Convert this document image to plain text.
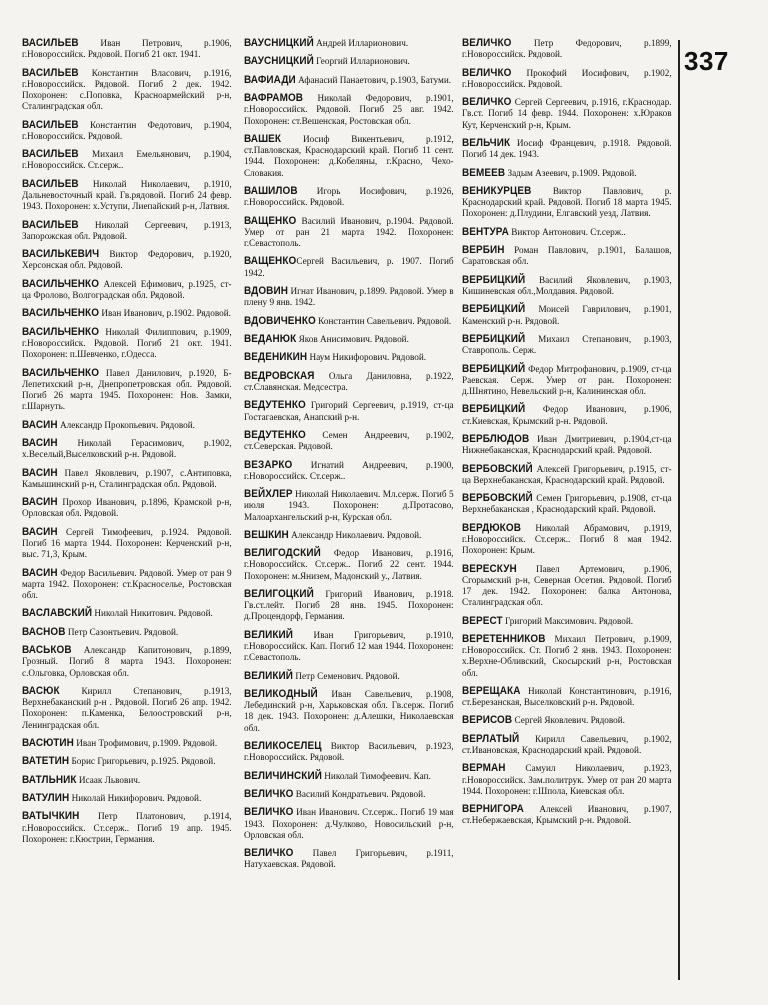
337

ВАСИЛЬЕВ Иван Петрович, р.1906, г.Новороссийск. Рядовой. Погиб 21 окт. 1941.

ВАСИЛЬЕВ Константин Власович, р.1916, г.Новороссийск. Рядовой. Погиб 2 дек. 1942. Похоронен: с.Поповка, Красноармейский р-н, Сталинградская обл.

ВАСИЛЬЕВ Константин Федотович, р.1904, г.Новороссийск. Рядовой.

ВАСИЛЬЕВ Михаил Емельянович, р.1904, г.Новороссийск. Ст.серж..

ВАСИЛЬЕВ Николай Николаевич, р.1910, Дальневосточный край. Гв.рядовой. Погиб 24 февр. 1943. Похоронен: х.Уступи, Лиепайский р-н, Латвия.

ВАСИЛЬЕВ Николай Сергеевич, р.1913, Запорожская обл. Рядовой.

ВАСИЛЬКЕВИЧ Виктор Федорович, р.1920, Херсонская обл. Рядовой.

ВАСИЛЬЧЕНКО Алексей Ефимович, р.1925, ст-ца Фролово, Волгоградская обл. Рядовой.

ВАСИЛЬЧЕНКО Иван Иванович, р.1902. Рядовой.

ВАСИЛЬЧЕНКО Николай Филиппович, р.1909, г.Новороссийск. Рядовой. Погиб 21 окт. 1941. Похоронен: п.Шевченко, г.Одесса.

ВАСИЛЬЧЕНКО Павел Данилович, р.1920, Б-Лепетихский р-н, Днепропетровская обл. Рядовой. Погиб 26 марта 1945. Похоронен: Нов. Замки, г.Шарнуть.

ВАСИН Александр Прокопьевич. Рядовой.

ВАСИН Николай Герасимович, р.1902, х.Веселый,Выселковский р-н. Рядовой.

ВАСИН Павел Яковлевич, р.1907, с.Антиповка, Камышинский р-н, Сталинградская обл. Рядовой.

ВАСИН Прохор Иванович, р.1896, Крамской р-н, Орловская обл. Рядовой.

ВАСИН Сергей Тимофеевич, р.1924. Рядовой. Погиб 16 марта 1944. Похоронен: Керченский р-н, выс. 71,3, Крым.

ВАСИН Федор Васильевич. Рядовой. Умер от ран 9 марта 1942. Похоронен: ст.Красноселье, Ростовская обл.

ВАСЛАВСКИЙ Николай Никитович. Рядовой.

ВАСНОВ Петр Сазонтьевич. Рядовой.

ВАСЬКОВ Александр Капитонович, р.1899, Грозный. Погиб 8 марта 1943. Похоронен: с.Ольговка, Орловская обл.

ВАСЮК Кирилл Степанович, р.1913, Верхнебаканский р-н . Рядовой. Погиб 26 апр. 1942. Похоронен: п.Каменка, Белоостровский р-н, Ленинградская обл.

ВАСЮТИН Иван Трофимович, р.1909. Рядовой.

ВАТЕТИН Борис Григорьевич, р.1925. Рядовой.

ВАТЛЬНИК Исаак Львович.

ВАТУЛИН Николай Никифорович. Рядовой.

ВАТЫЧКИН Петр Платонович, р.1914, г.Новороссийск. Ст.серж.. Погиб 19 апр. 1945. Похоронен: г.Кюстрин, Германия.

ВАУСНИЦКИЙ Андрей Илларионович.

ВАУСНИЦКИЙ Георгий Илларионович.

ВАФИАДИ Афанасий Панаетович, р.1903, Батуми.

ВАФРАМОВ Николай Федорович, р.1901, г.Новороссийск. Рядовой. Погиб 25 авг. 1942. Похоронен: ст.Вешенская, Ростовская обл.

ВАШЕК Иосиф Викентьевич, р.1912, ст.Павловская, Краснодарский край. Погиб 11 сент. 1944. Похоронен: д.Кобеляны, г.Красно, Чехо-Словакия.

ВАШИЛОВ Игорь Иосифович, р.1926, г.Новороссийск. Рядовой.

ВАЩЕНКО Василий Иванович, р.1904. Рядовой. Умер от ран 21 марта 1942. Похоронен: г.Севастополь.

ВАЩЕНКОСергей Васильевич, р. 1907. Погиб 1942.

ВДОВИН Игнат Иванович, р.1899. Рядовой. Умер в плену 9 янв. 1942.

ВДОВИЧЕНКО Константин Савельевич. Рядовой.

ВЕДАНЮК Яков Анисимович. Рядовой.

ВЕДЕНИКИН Наум Никифорович. Рядовой.

ВЕДРОВСКАЯ Ольга Даниловна, р.1922, ст.Славянская. Медсестра.

ВЕДУТЕНКО Григорий Сергеевич, р.1919, ст-ца Гостагаевская, Анапский р-н.

ВЕДУТЕНКО Семен Андреевич, р.1902, ст.Северская. Рядовой.

ВЕЗАРКО Игнатий Андреевич, р.1900, г.Новороссийск. Ст.серж..

ВЕЙХЛЕР Николай Николаевич. Мл.серж. Погиб 5 июля 1943. Похоронен: д.Протасово, Малоархангельский р-н, Курская обл.

ВЕШКИН Александр Николаевич. Рядовой.

ВЕЛИГОДСКИЙ Федор Иванович, р.1916, г.Новороссийск. Ст.серж.. Погиб 22 сент. 1944. Похоронен: м.Янизем, Мадонский у., Латвия.

ВЕЛИГОЦКИЙ Григорий Иванович, р.1918. Гв.ст.лейт. Погиб 28 янв. 1945. Похоронен: д.Процендорф, Германия.

ВЕЛИКИЙ Иван Григорьевич, р.1910, г.Новороссийск. Кап. Погиб 12 мая 1944. Похоронен: г.Севастополь.

ВЕЛИКИЙ Петр Семенович. Рядовой.

ВЕЛИКОДНЫЙ Иван Савельевич, р.1908, Лебединский р-н, Харьковская обл. Гв.серж. Погиб 18 дек. 1943. Похоронен: д.Алешки, Николаевская обл.

ВЕЛИКОСЕЛЕЦ Виктор Васильевич, р.1923, г.Новороссийск. Рядовой.

ВЕЛИЧИНСКИЙ Николай Тимофеевич. Кап.

ВЕЛИЧКО Василий Кондратьевич. Рядовой.

ВЕЛИЧКО Иван Иванович. Ст.серж.. Погиб 19 мая 1943. Похоронен: д.Чулково, Новосильский р-н, Орловская обл.

ВЕЛИЧКО Павел Григорьевич, р.1911, Натухаевская. Рядовой.

ВЕЛИЧКО Петр Федорович, р.1899, г.Новороссийск. Рядовой.

ВЕЛИЧКО Прокофий Иосифович, р.1902, г.Новороссийск. Рядовой.

ВЕЛИЧКО Сергей Сергеевич, р.1916, г.Краснодар. Гв.ст. Погиб 14 февр. 1944. Похоронен: х.Юраков Кут, Керченский р-н, Крым.

ВЕЛЬЧИК Иосиф Францевич, р.1918. Рядовой. Погиб 14 дек. 1943.

ВЕМЕЕВ Задым Азеевич, р.1909. Рядовой.

ВЕНИКУРЦЕВ Виктор Павлович, р. Краснодарский край. Рядовой. Погиб 18 марта 1945. Похоронен: д.Плудини, Елгавский уезд, Латвия.

ВЕНТУРА Виктор Антонович. Ст.серж..

ВЕРБИН Роман Павлович, р.1901, Балашов, Саратовская обл.

ВЕРБИЦКИЙ Василий Яковлевич, р.1903, Кишиневская обл.,Молдавия. Рядовой.

ВЕРБИЦКИЙ Моисей Гаврилович, р.1901, Каменский р-н. Рядовой.

ВЕРБИЦКИЙ Михаил Степанович, р.1903, Ставрополь. Серж.

ВЕРБИЦКИЙ Федор Митрофанович, р.1909, ст-ца Раевская. Серж. Умер от ран. Похоронен: д.Шнятино, Невельский р-н, Калининская обл.

ВЕРБИЦКИЙ Федор Иванович, р.1906, ст.Киевская, Крымский р-н. Рядовой.

ВЕРБЛЮДОВ Иван Дмитриевич, р.1904,ст-ца Нижнебаканская, Краснодарский край. Рядовой.

ВЕРБОВСКИЙ Алексей Григорьевич, р.1915, ст-ца Верхнебаканская, Краснодарский край. Рядовой.

ВЕРБОВСКИЙ Семен Григорьевич, р.1908, ст-ца Верхнебаканская , Краснодарский край. Рядовой.

ВЕРДЮКОВ Николай Абрамович, р.1919, г.Новороссийск. Ст.серж.. Погиб 8 мая 1942. Похоронен: Крым.

ВЕРЕСКУН Павел Артемович, р.1906, Сгорымский р-н, Северная Осетия. Рядовой. Погиб 17 дек. 1942. Похоронен: балка Антонова, Сталинградская обл.

ВЕРЕСТ Григорий Максимович. Рядовой.

ВЕРЕТЕННИКОВ Михаил Петрович, р.1909, г.Новороссийск. Ст. Погиб 2 янв. 1943. Похоронен: х.Верхне-Обливский, Скосырский р-н, Ростовская обл.

ВЕРЕЩАКА Николай Константинович, р.1916, ст.Березанская, Выселковский р-н. Рядовой.

ВЕРИСОВ Сергей Яковлевич. Рядовой.

ВЕРЛАТЫЙ Кирилл Савельевич, р.1902, ст.Ивановская, Краснодарский край. Рядовой.

ВЕРМАН Самуил Николаевич, р.1923, г.Новороссийск. Зам.политрук. Умер от ран 20 марта 1944. Похоронен: г.Шпола, Киевская обл.

ВЕРНИГОРА Алексей Иванович, р.1907, ст.Небержаевская, Крымский р-н. Рядовой.
